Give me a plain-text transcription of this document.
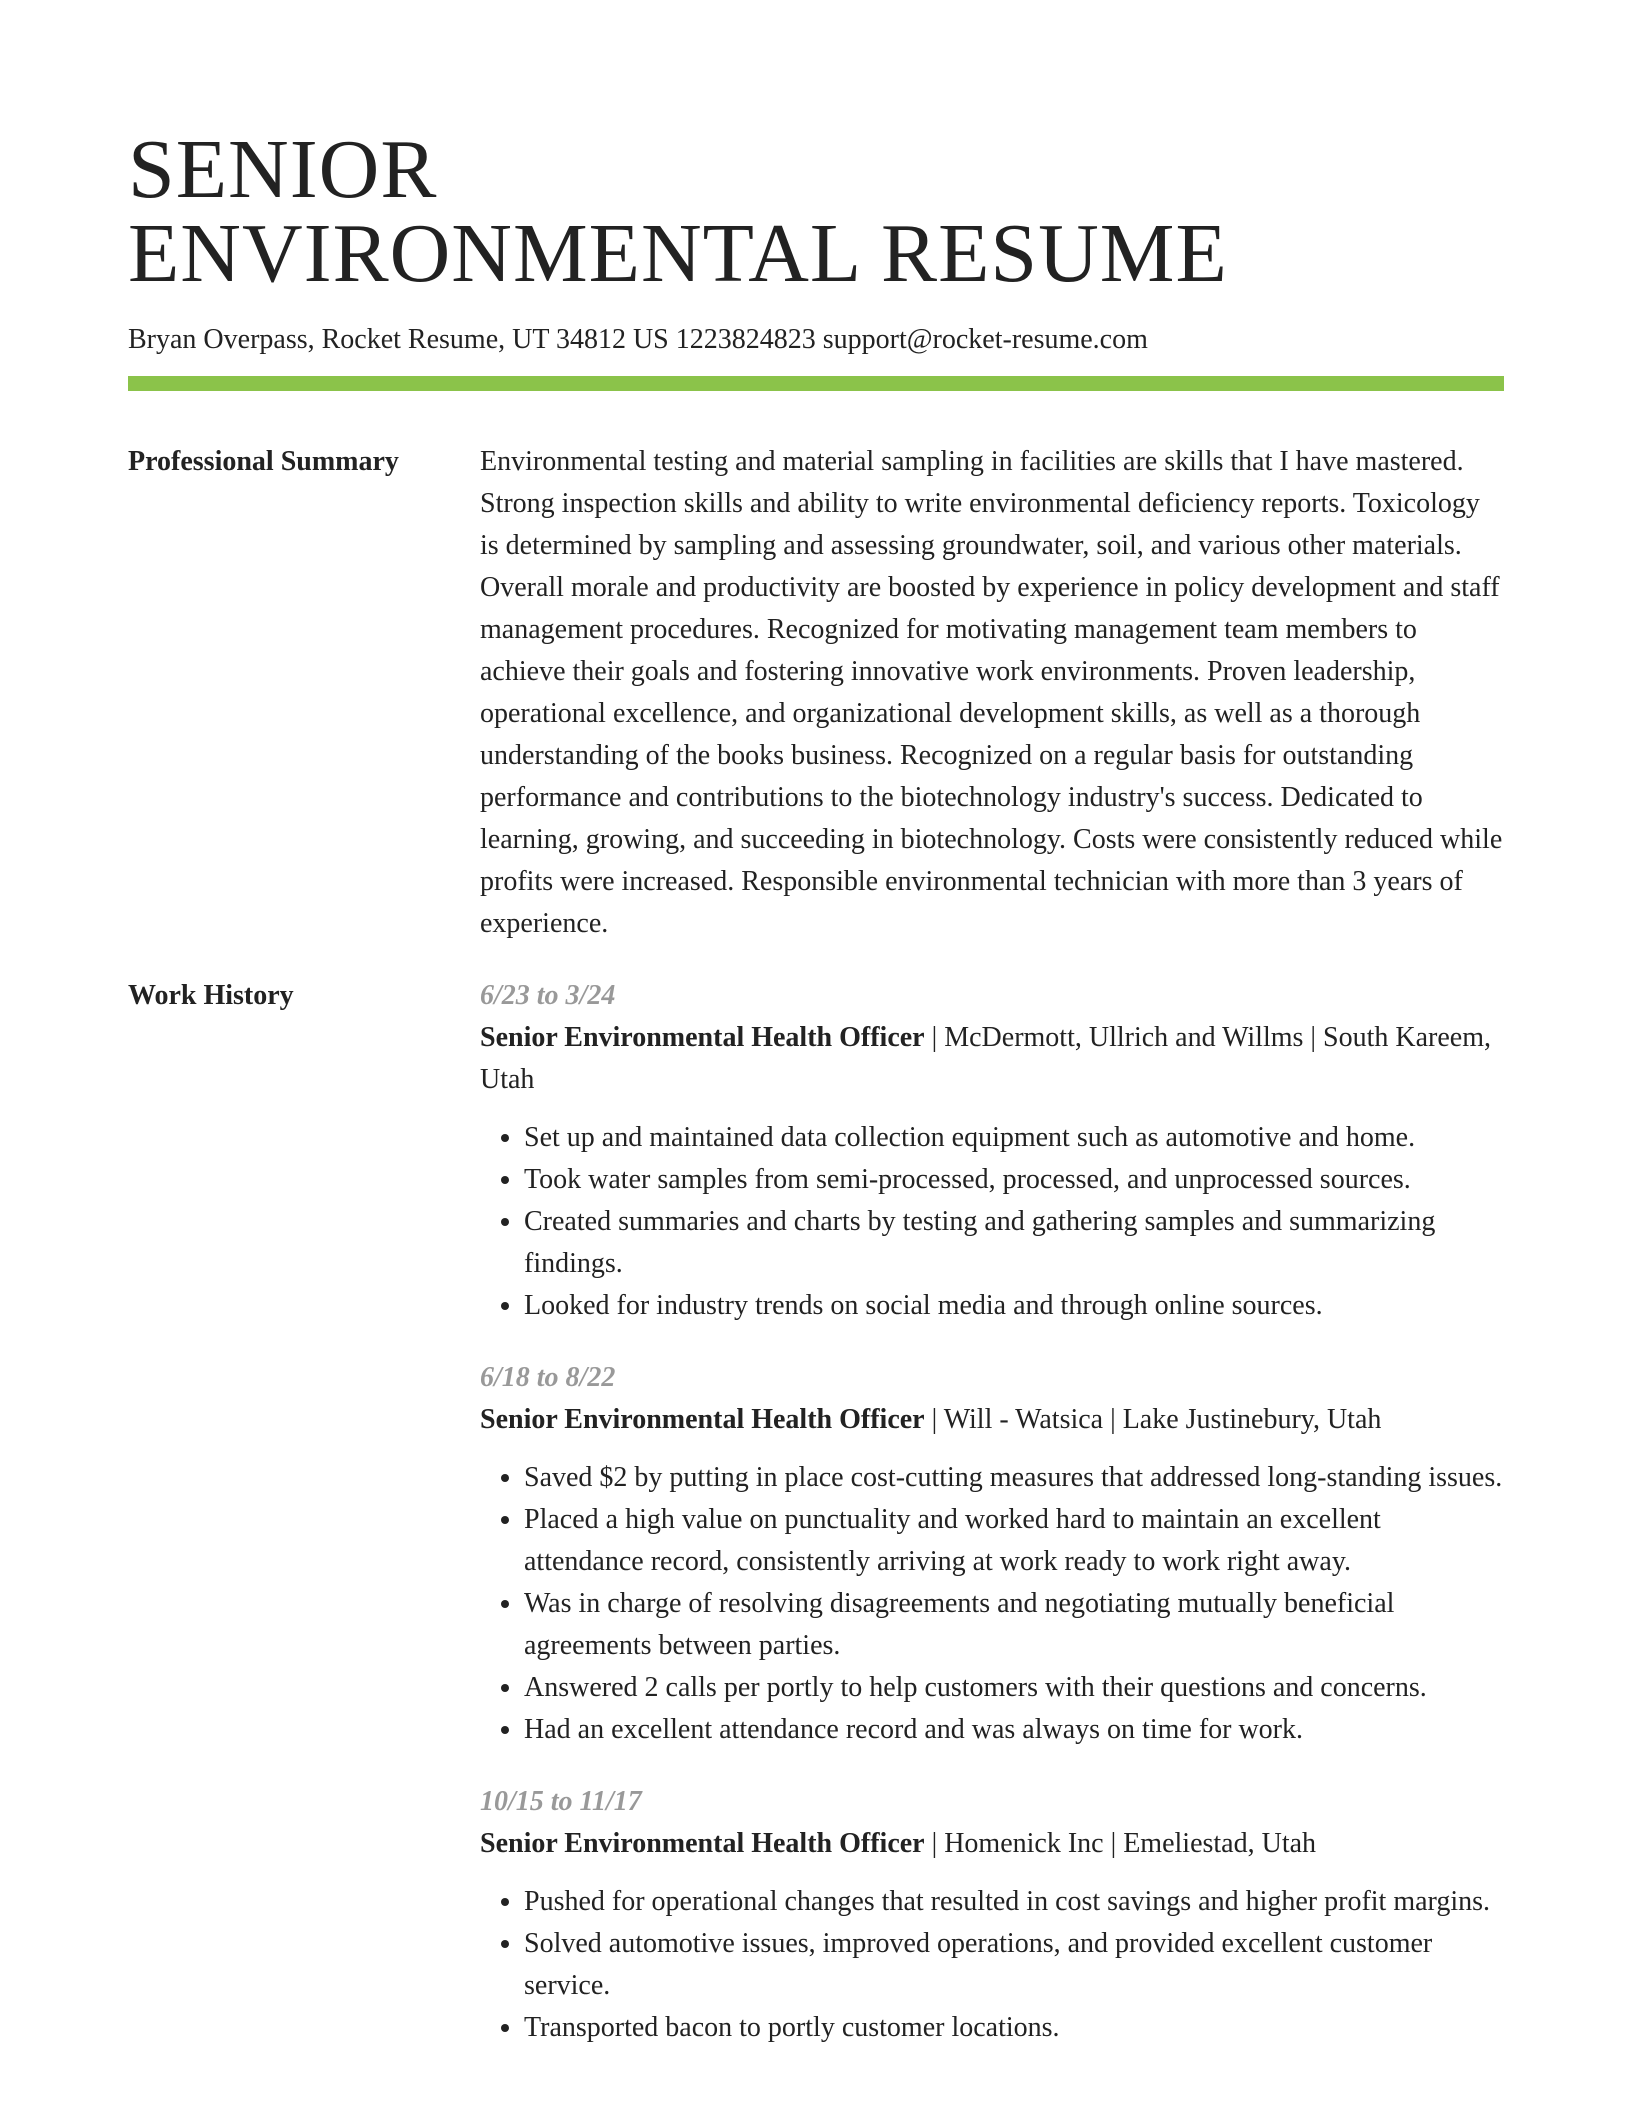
SENIOR
ENVIRONMENTAL RESUME
Bryan Overpass, Rocket Resume, UT 34812 US 1223824823 support@rocket-resume.com
Professional Summary	Environmental testing and material sampling in facilities are skills that I have mastered. Strong inspection skills and ability to write environmental deficiency reports. Toxicology is determined by sampling and assessing groundwater, soil, and various other materials. Overall morale and productivity are boosted by experience in policy development and staff management procedures. Recognized for motivating management team members to achieve their goals and fostering innovative work environments. Proven leadership, operational excellence, and organizational development skills, as well as a thorough understanding of the books business. Recognized on a regular basis for outstanding performance and contributions to the biotechnology industry's success. Dedicated to learning, growing, and succeeding in biotechnology. Costs were consistently reduced while profits were increased. Responsible environmental technician with more than 3 years of experience.
Work History	6/23 to 3/24
Senior Environmental Health Officer | McDermott, Ullrich and Willms | South Kareem, Utah
• Set up and maintained data collection equipment such as automotive and home.
• Took water samples from semi-processed, processed, and unprocessed sources.
• Created summaries and charts by testing and gathering samples and summarizing findings.
• Looked for industry trends on social media and through online sources.
6/18 to 8/22
Senior Environmental Health Officer | Will - Watsica | Lake Justinebury, Utah
• Saved $2 by putting in place cost-cutting measures that addressed long-standing issues.
• Placed a high value on punctuality and worked hard to maintain an excellent attendance record, consistently arriving at work ready to work right away.
• Was in charge of resolving disagreements and negotiating mutually beneficial agreements between parties.
• Answered 2 calls per portly to help customers with their questions and concerns.
• Had an excellent attendance record and was always on time for work.
10/15 to 11/17
Senior Environmental Health Officer | Homenick Inc | Emeliestad, Utah
• Pushed for operational changes that resulted in cost savings and higher profit margins.
• Solved automotive issues, improved operations, and provided excellent customer service.
• Transported bacon to portly customer locations.
